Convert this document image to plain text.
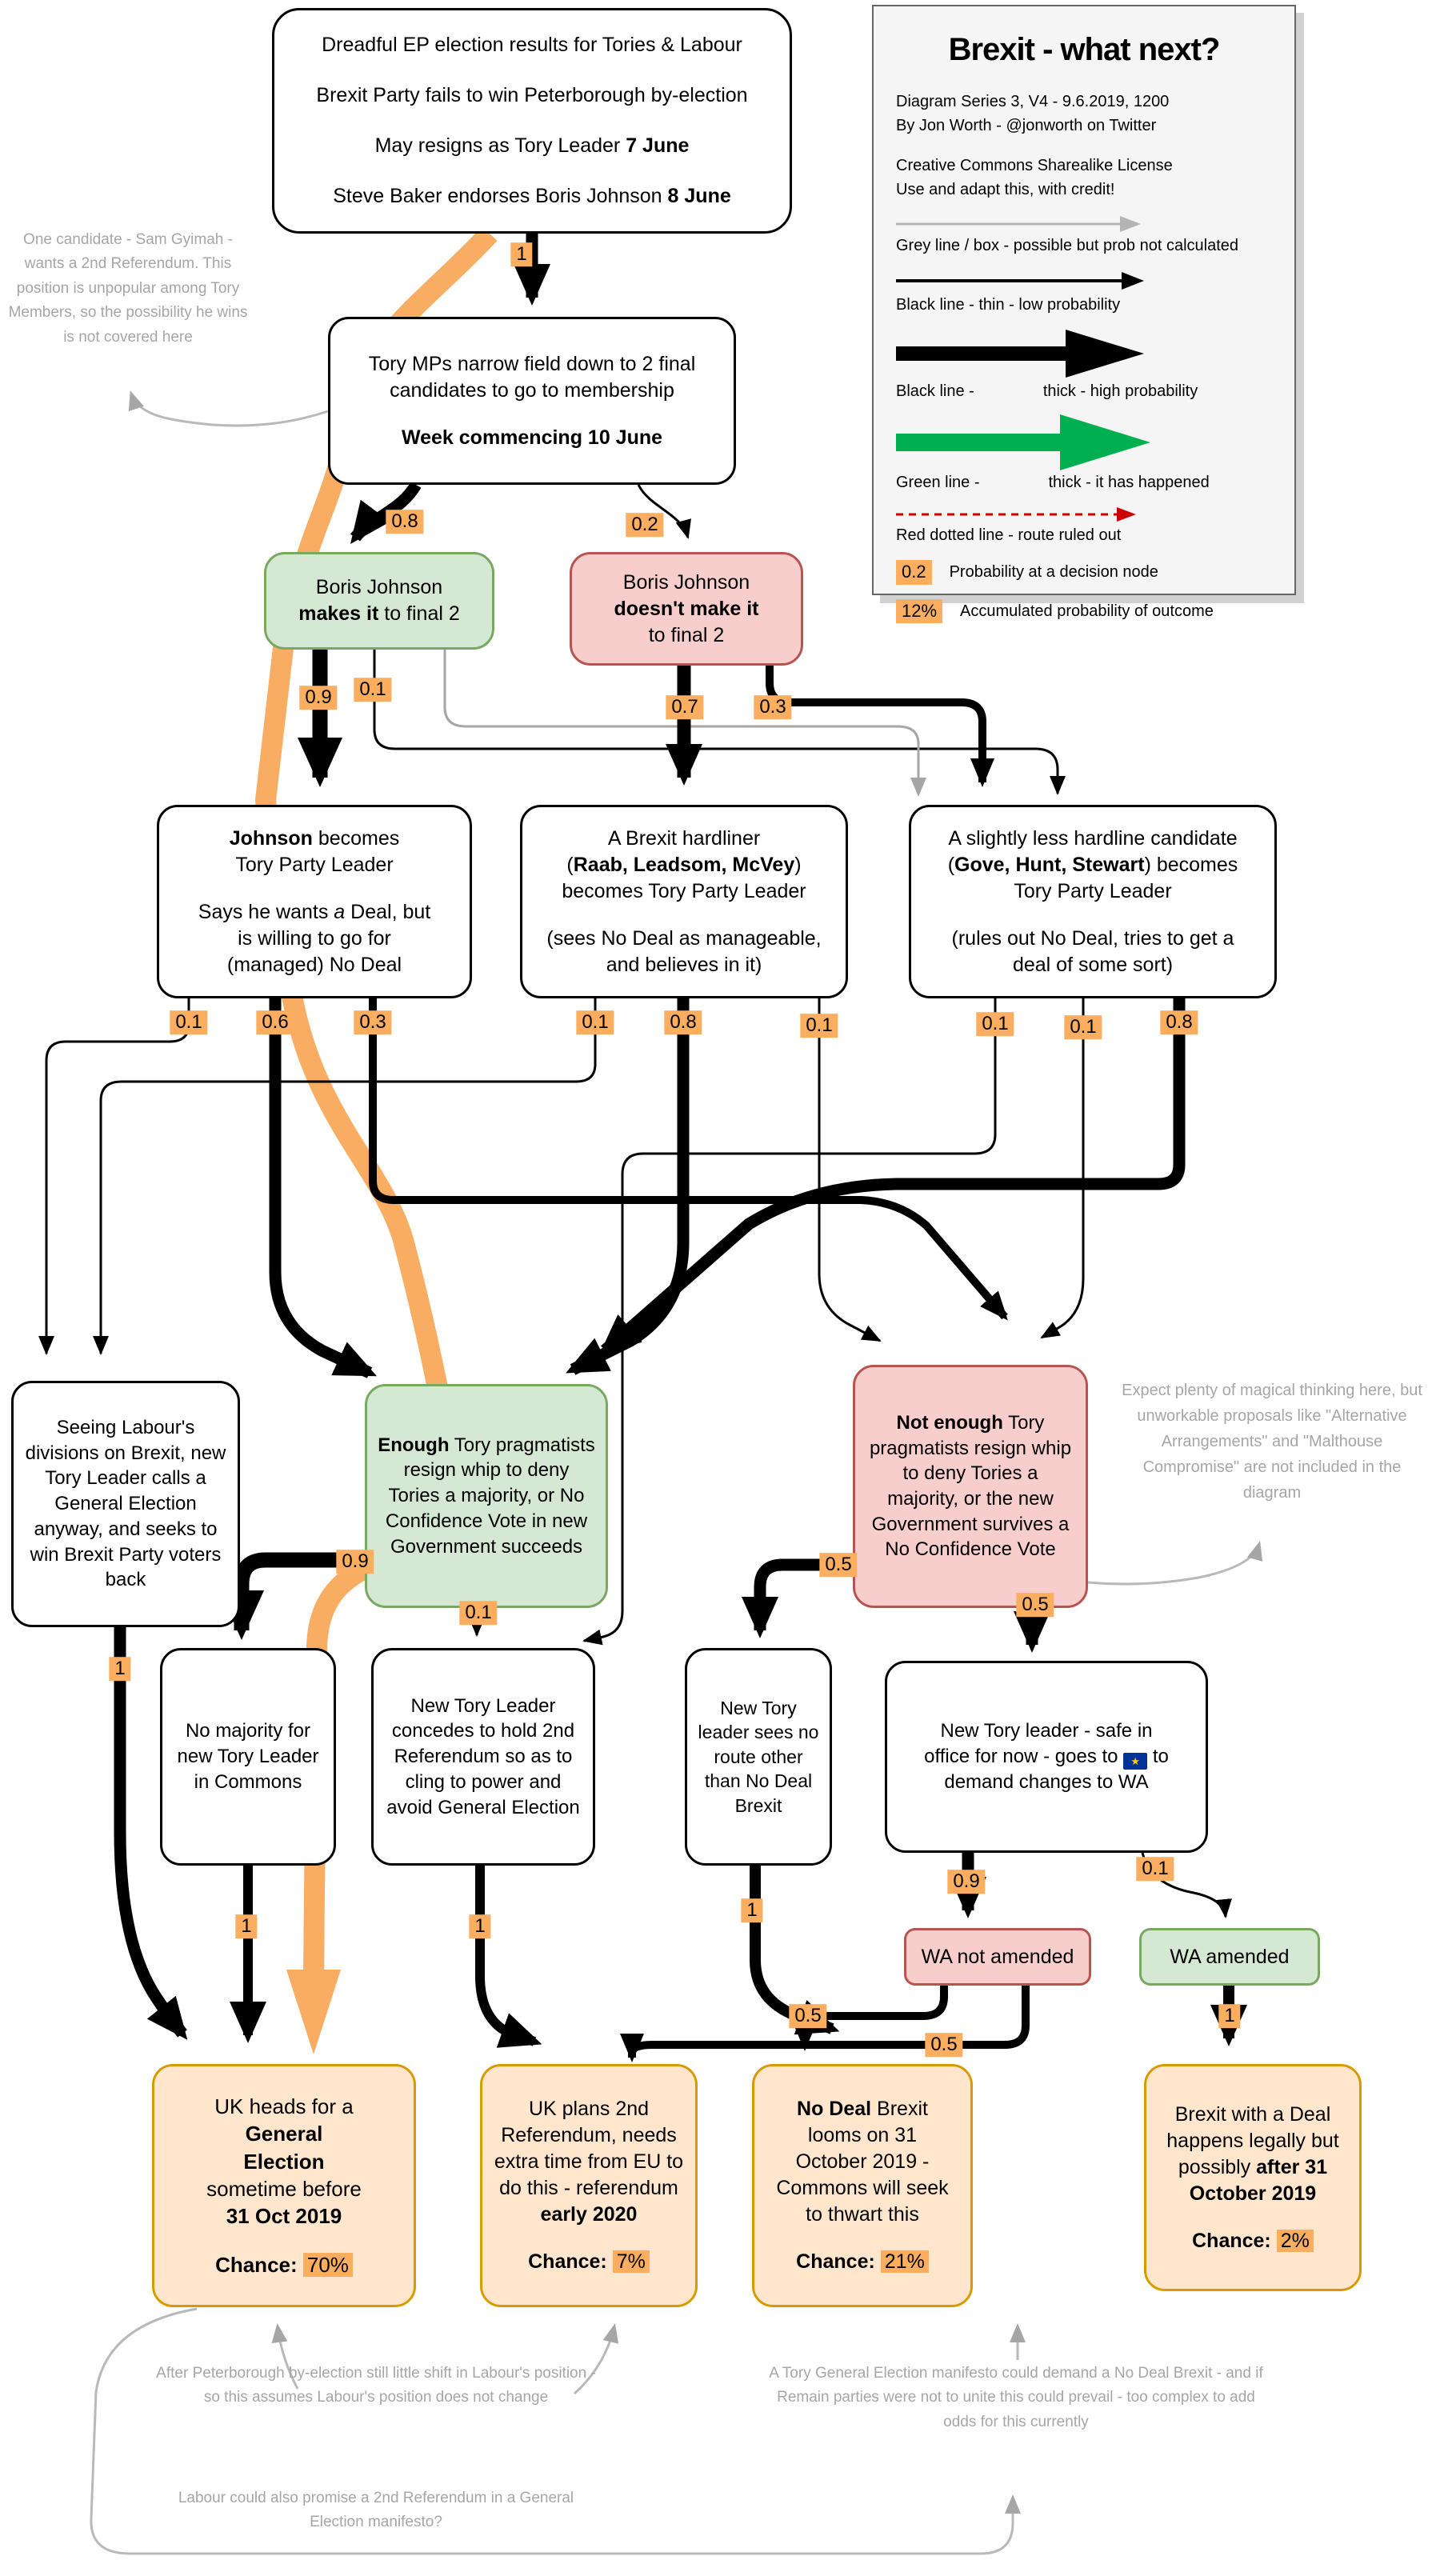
Brexit - what next?

Diagram Series 3, V4 - 9.6.2019, 1200

By Jon Worth - @jonworth on Twitter

Creative Commons Sharealike License

Use and adapt this, with credit!

Grey line / box - possible but prob not calculated

Black line - thin - low probability

Black line -	thick - high probability

Green line -	thick - it has happened

Red dotted line - route ruled out

0.2	Probability at a decision node
12%	Accumulated probability of outcome
Dreadful EP election results for Tories & Labour
Brexit Party fails to win Peterborough by-election
May resigns as Tory Leader 7 June
Steve Baker endorses Boris Johnson 8 June
Tory MPs narrow field down to 2 final
candidates to go to membership
Week commencing 10 June
Boris Johnson
makes it to final 2
Boris Johnson
doesn't make it
to final 2
Johnson becomes
Tory Party Leader
Says he wants a Deal, but
is willing to go for
(managed) No Deal
A Brexit hardliner
(Raab, Leadsom, McVey)
becomes Tory Party Leader
(sees No Deal as manageable,
and believes in it)
A slightly less hardline candidate
(Gove, Hunt, Stewart) becomes
Tory Party Leader
(rules out No Deal, tries to get a
deal of some sort)
Seeing Labour's divisions on Brexit, new Tory Leader calls a General Election anyway, and seeks to win Brexit Party voters back
Enough Tory pragmatists resign whip to deny Tories a majority, or No Confidence Vote in new Government succeeds
Not enough Tory pragmatists resign whip to deny Tories a majority, or the new Government survives a No Confidence Vote
No majority for new Tory Leader in Commons
New Tory Leader concedes to hold 2nd Referendum so as to cling to power and avoid General Election
New Tory leader sees no route other than No Deal Brexit
New Tory leader - safe in
office for now - goes to ★ to
demand changes to WA
WA not amended	WA amended
UK heads for a
General
Election
sometime before
31 Oct 2019
Chance: 70%
UK plans 2nd
Referendum, needs
extra time from EU to
do this - referendum
early 2020
Chance: 7%
No Deal Brexit
looms on 31
October 2019 -
Commons will seek
to thwart this
Chance: 21%
Brexit with a Deal
happens legally but
possibly after 31
October 2019
Chance: 2%
One candidate - Sam Gyimah - wants a 2nd Referendum. This position is unpopular among Tory Members, so the possibility he wins is not covered here
Expect plenty of magical thinking here, but unworkable proposals like "Alternative Arrangements" and "Malthouse Compromise" are not included in the diagram
After Peterborough by-election still little shift in Labour's position - so this assumes Labour's position does not change
Labour could also promise a 2nd Referendum in a General Election manifesto?
A Tory General Election manifesto could demand a No Deal Brexit - and if Remain parties were not to unite this could prevail - too complex to add odds for this currently
1
0.8	0.2
0.9 0.1
0.7	0.3
0.1	0.6	0.3	0.1	0.8	0.1	0.1	0.1	0.8
1
0.9
0.1
0.5
0.5
1	1
1
0.9
0.1
0.5
0.5
1
